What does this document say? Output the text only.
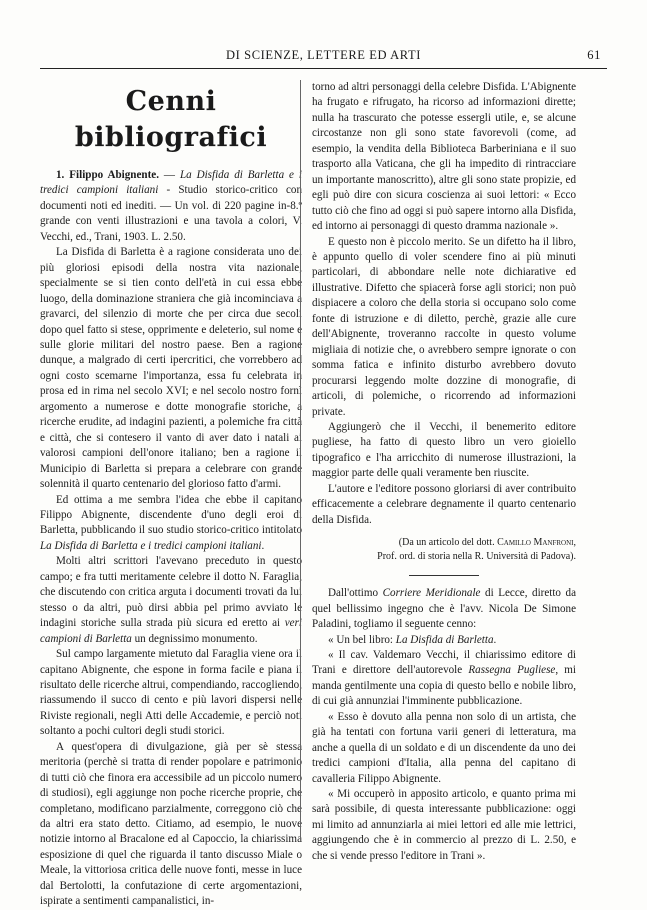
DI SCIENZE, LETTERE ED ARTI	61
Cenni bibliografici

1. Filippo Abignente. — La Disfida di Barletta e i tredici campioni italiani - Studio storico-critico con documenti noti ed inediti. — Un vol. di 220 pagine in-8.º grande con venti illustrazioni e una tavola a colori, V. Vecchi, ed., Trani, 1903. L. 2.50.

La Disfida di Barletta è a ragione considerata uno dei più gloriosi episodi della nostra vita nazionale, specialmente se si tien conto dell'età in cui essa ebbe luogo, della dominazione straniera che già incominciava a gravarci, del silenzio di morte che per circa due secoli dopo quel fatto si stese, opprimente e deleterio, sul nome e sulle glorie militari del nostro paese. Ben a ragione dunque, a malgrado di certi ipercritici, che vorrebbero ad ogni costo scemarne l'importanza, essa fu celebrata in prosa ed in rima nel secolo XVI; e nel secolo nostro fornì argomento a numerose e dotte monografie storiche, a ricerche erudite, ad indagini pazienti, a polemiche fra città e città, che si contesero il vanto di aver dato i natali ai valorosi campioni dell'onore italiano; ben a ragione il Municipio di Barletta si prepara a celebrare con grande solennità il quarto centenario del glorioso fatto d'armi.

Ed ottima a me sembra l'idea che ebbe il capitano Filippo Abignente, discendente d'uno degli eroi di Barletta, pubblicando il suo studio storico-critico intitolato La Disfida di Barletta e i tredici campioni italiani.

Molti altri scrittori l'avevano preceduto in questo campo; e fra tutti meritamente celebre il dotto N. Faraglia, che discutendo con critica arguta i documenti trovati da lui stesso o da altri, può dirsi abbia pel primo avviato le indagini storiche sulla strada più sicura ed eretto ai veri campioni di Barletta un degnissimo monumento.

Sul campo largamente mietuto dal Faraglia viene ora il capitano Abignente, che espone in forma facile e piana il risultato delle ricerche altrui, compendiando, raccogliendo, riassumendo il succo di cento e più lavori dispersi nelle Riviste regionali, negli Atti delle Accademie, e perciò noti soltanto a pochi cultori degli studi storici.

A quest'opera di divulgazione, già per sè stessa meritoria (perchè si tratta di render popolare e patrimonio di tutti ciò che finora era accessibile ad un piccolo numero di studiosi), egli aggiunge non poche ricerche proprie, che completano, modificano parzialmente, correggono ciò che da altri era stato detto. Citiamo, ad esempio, le nuove notizie intorno al Bracalone ed al Capoccio, la chiarissima esposizione di quel che riguarda il tanto discusso Miale o Meale, la vittoriosa critica delle nuove fonti, messe in luce dal Bertolotti, la confutazione di certe argomentazioni, ispirate a sentimenti campanalistici, in-

torno ad altri personaggi della celebre Disfida. L'Abignente ha frugato e rifrugato, ha ricorso ad informazioni dirette; nulla ha trascurato che potesse essergli utile, e, se alcune circostanze non gli sono state favorevoli (come, ad esempio, la vendita della Biblioteca Barberiniana e il suo trasporto alla Vaticana, che gli ha impedito di rintracciare un importante manoscritto), altre gli sono state propizie, ed egli può dire con sicura coscienza ai suoi lettori: « Ecco tutto ciò che fino ad oggi si può sapere intorno alla Disfida, ed intorno ai personaggi di questo dramma nazionale ».

E questo non è piccolo merito. Se un difetto ha il libro, è appunto quello di voler scendere fino ai più minuti particolari, di abbondare nelle note dichiarative ed illustrative. Difetto che spiacerà forse agli storici; non può dispiacere a coloro che della storia si occupano solo come fonte di istruzione e di diletto, perchè, grazie alle cure dell'Abignente, troveranno raccolte in questo volume migliaia di notizie che, o avrebbero sempre ignorate o con somma fatica e infinito disturbo avrebbero dovuto procurarsi leggendo molte dozzine di monografie, di articoli, di polemiche, o ricorrendo ad informazioni private.

Aggiungerò che il Vecchi, il benemerito editore pugliese, ha fatto di questo libro un vero gioiello tipografico e l'ha arricchito di numerose illustrazioni, la maggior parte delle quali veramente ben riuscite.

L'autore e l'editore possono gloriarsi di aver contribuito efficacemente a celebrare degnamente il quarto centenario della Disfida.

(Da un articolo del dott. Camillo Manfroni,
Prof. ord. di storia nella R. Università di Padova).

Dall'ottimo Corriere Meridionale di Lecce, diretto da quel bellissimo ingegno che è l'avv. Nicola De Simone Paladini, togliamo il seguente cenno:

« Un bel libro: La Disfida di Barletta.

« Il cav. Valdemaro Vecchi, il chiarissimo editore di Trani e direttore dell'autorevole Rassegna Pugliese, mi manda gentilmente una copia di questo bello e nobile libro, di cui già annunziai l'imminente pubblicazione.

« Esso è dovuto alla penna non solo di un artista, che già ha tentati con fortuna varii generi di letteratura, ma anche a quella di un soldato e di un discendente da uno dei tredici campioni d'Italia, alla penna del capitano di cavalleria Filippo Abignente.

« Mi occuperò in apposito articolo, e quanto prima mi sarà possibile, di questa interessante pubblicazione: oggi mi limito ad annunziarla ai miei lettori ed alle mie lettrici, aggiungendo che è in commercio al prezzo di L. 2.50, e che si vende presso l'editore in Trani ».
